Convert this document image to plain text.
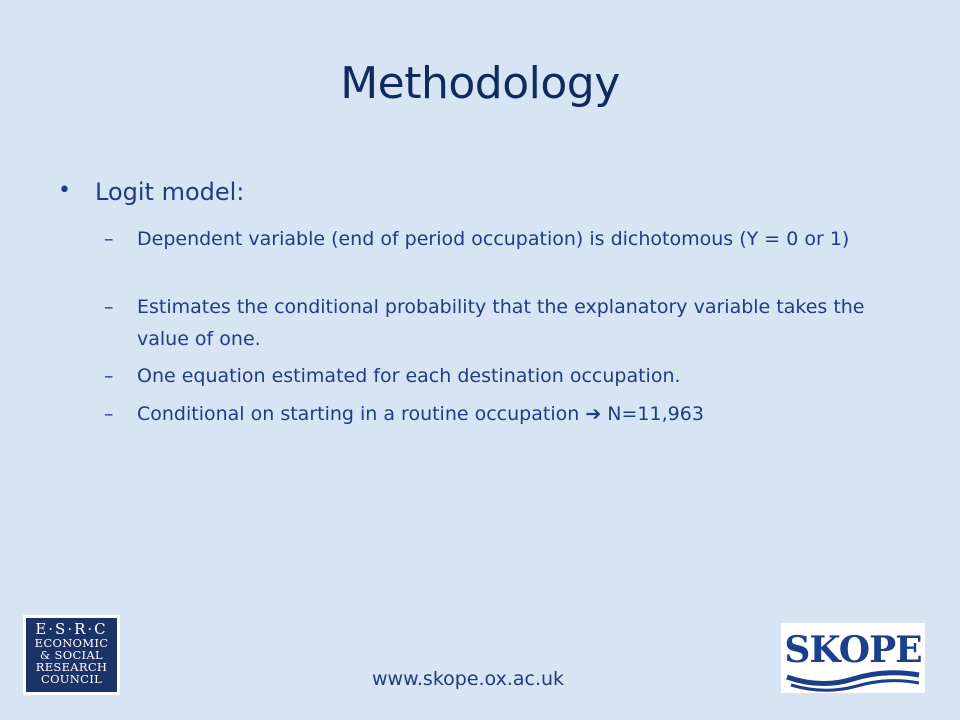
Methodology
• Logit model:
– Dependent variable (end of period occupation) is dichotomous (Y = 0 or 1)
– Estimates the conditional probability that the explanatory variable takes the value of one.
– One equation estimated for each destination occupation.
– Conditional on starting in a routine occupation ➔ N=11,963
E·S·R·C
ECONOMIC
& SOCIAL
RESEARCH
COUNCIL	www.skope.ox.ac.uk
SKOPE
